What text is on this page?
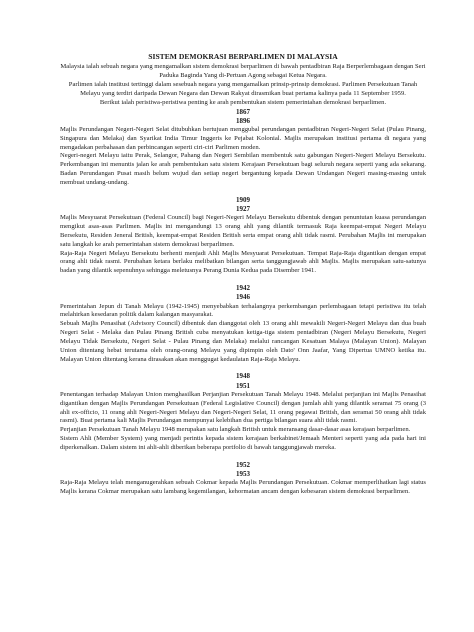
SISTEM DEMOKRASI BERPARLIMEN DI MALAYSIA

Malaysia ialah sebuah negara yang mengamalkan sistem demokrasi berparlimen di bawah pentadbiran Raja Berperlembagaan dengan Seri Paduka Baginda Yang di-Pertuan Agong sebagai Ketua Negara.

Parlimen ialah institusi tertinggi dalam sesebuah negara yang mengamalkan prinsip-prinsip demokrasi. Parlimen Persekutuan Tanah Melayu yang terdiri daripada Dewan Negara dan Dewan Rakyat dirasmikan buat pertama kalinya pada 11 September 1959.

Berikut ialah peristiwa-peristiwa penting ke arah pembentukan sistem pemerintahan demokrasi berparlimen.

1867
1896

Majlis Perundangan Negeri-Negeri Selat ditubuhkan bertujuan menggubal perundangan pentadbiran Negeri-Negeri Selat (Pulau Pinang, Singapura dan Melaka) dan Syarikat India Timur Inggeris ke Pejabat Kolonial. Majlis merupakan institusi pertama di negara yang mengadakan perbahasan dan perbincangan seperti ciri-ciri Parlimen moden.

Negeri-negeri Melayu iaitu Perak, Selangor, Pahang dan Negeri Sembilan membentuk satu gabungan Negeri-Negeri Melayu Bersekutu. Perkembangan ini menuntis jalan ke arah pembentukan satu sistem Kerajaan Persekutuan bagi seluruh negara seperti yang ada sekarang. Badan Perundangan Pusat masih belum wujud dan setiap negeri bergantung kepada Dewan Undangan Negeri masing-masing untuk membuat undang-undang.

1909
1927

Majlis Mesyuarat Persekutuan (Federal Council) bagi Negeri-Negeri Melayu Bersekutu dibentuk dengan penuntutan kuasa perundangan mengikut asas-asas Parlimen. Majlis ini mengandungi 13 orang ahli yang dilantik termasuk Raja keempat-empat Negeri Melayu Bersekutu, Residen Jeneral British, keempat-empat Residen British serta empat orang ahli tidak rasmi. Perubahan Majlis ini merupakan satu langkah ke arah pemerintahan sistem demokrasi berparlimen.

Raja-Raja Negeri Melayu Bersekutu berhenti menjadi Ahli Majlis Mesyuarat Persekutuan. Tempat Raja-Raja digantikan dengan empat orang ahli tidak rasmi. Perubahan ketara berlaku melibatkan bilangan serta tanggungjawab ahli Majlis. Majlis merupakan satu-satunya badan yang dilantik sepenuhnya sehingga meletusnya Perang Dunia Kedua pada Disember 1941.

1942
1946

Pemerintahan Jepun di Tanah Melayu (1942-1945) menyebabkan terhalangnya perkembangan perlembagaan tetapi peristiwa itu telah melahirkan kesedaran politik dalam kalangan masyarakat.

Sebuah Majlis Penasihat (Advisory Council) dibentuk dan dianggotai oleh 13 orang ahli mewakili Negeri-Negeri Melayu dan dua buah Negeri Selat - Melaka dan Pulau Pinang British cuba menyatukan ketiga-tiga sistem pentadbiran (Negeri Melayu Bersekutu, Negeri Melayu Tidak Bersekutu, Negeri Selat - Pulau Pinang dan Melaka) melalui rancangan Kesatuan Malaya (Malayan Union). Malayan Union ditentang hebat terutama oleh orang-orang Melayu yang dipimpin oleh Dato' Onn Jaafar, Yang Dipertua UMNO ketika itu. Malayan Union ditentang kerana dirasakan akan menggugat kedaulatan Raja-Raja Melayu.

1948
1951

Penentangan terhadap Malayan Union menghasilkan Perjanjian Persekutuan Tanah Melayu 1948. Melalui perjanjian ini Majlis Penasihat digantikan dengan Majlis Perundangan Persekutuan (Federal Legislative Council) dengan jumlah ahli yang dilantik seramai 75 orang (3 ahli ex-officio, 11 orang ahli Negeri-Negeri Melayu dan Negeri-Negeri Selat, 11 orang pegawai British, dan seramai 50 orang ahli tidak rasmi). Buat pertama kali Majlis Perundangan mempunyai kelebihan dua pertiga bilangan suara ahli tidak rasmi.

Perjanjian Persekutuan Tanah Melayu 1948 merupakan satu langkah British untuk meransang dasar-dasar asas kerajaan berparlimen.

Sistem Ahli (Member System) yang menjadi perintis kepada sistem kerajaan berkabinet/Jemaah Menteri seperti yang ada pada hari ini diperkenalkan. Dalam sistem ini ahli-ahli diberikan beberapa portfolio di bawah tanggungjawab mereka.

1952
1953

Raja-Raja Melayu telah menganugerahkan sebuah Cokmar kepada Majlis Perundangan Persekutuan. Cokmar memperlihatkan lagi status Majlis kerana Cokmar merupakan satu lambang kegemilangan, kehormatan ancam dengan kebesaran sistem demokrasi berparlimen.
